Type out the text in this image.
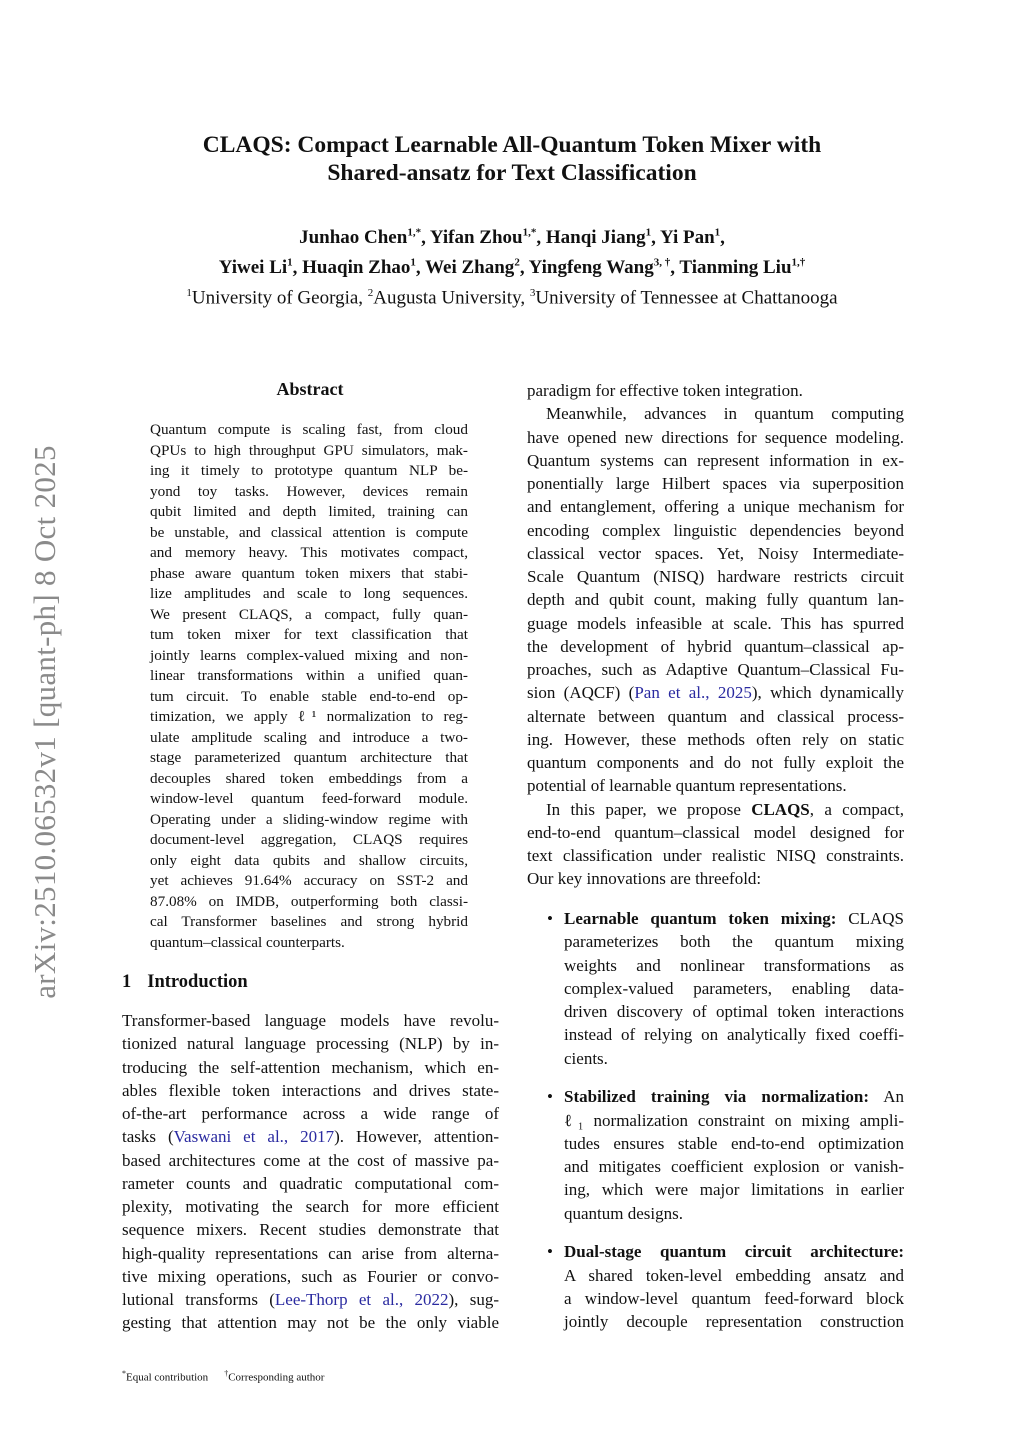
arXiv:2510.06532v1 [quant-ph] 8 Oct 2025
CLAQS: Compact Learnable All-Quantum Token Mixer with
Shared-ansatz for Text Classification
Junhao Chen$^{1,*}$, Yifan Zhou$^{1,*}$, Hanqi Jiang$^1$, Yi Pan$^1$,
Yiwei Li$^1$, Huaqin Zhao$^1$, Wei Zhang$^2$, Yingfeng Wang$^{3, \dagger}$, Tianming Liu$^{1,\dagger}$
$^1$University of Georgia, $^2$Augusta University, $^3$University of Tennessee at Chattanooga
Abstract
Quantum compute is scaling fast, from cloud
QPUs to high throughput GPU simulators, mak-
ing it timely to prototype quantum NLP be-
yond toy tasks. However, devices remain
qubit limited and depth limited, training can
be unstable, and classical attention is compute
and memory heavy. This motivates compact,
phase aware quantum token mixers that stabi-
lize amplitudes and scale to long sequences.
We present CLAQS, a compact, fully quan-
tum token mixer for text classification that
jointly learns complex-valued mixing and non-
linear transformations within a unified quan-
tum circuit. To enable stable end-to-end op-
timization, we apply ℓ¹ normalization to reg-
ulate amplitude scaling and introduce a two-
stage parameterized quantum architecture that
decouples shared token embeddings from a
window-level quantum feed-forward module.
Operating under a sliding-window regime with
document-level aggregation, CLAQS requires
only eight data qubits and shallow circuits,
yet achieves 91.64% accuracy on SST-2 and
87.08% on IMDB, outperforming both classi-
cal Transformer baselines and strong hybrid
quantum–classical counterparts.
1 Introduction
Transformer-based language models have revolu-
tionized natural language processing (NLP) by in-
troducing the self-attention mechanism, which en-
ables flexible token interactions and drives state-
of-the-art performance across a wide range of
tasks (Vaswani et al., 2017). However, attention-
based architectures come at the cost of massive pa-
rameter counts and quadratic computational com-
plexity, motivating the search for more efficient
sequence mixers. Recent studies demonstrate that
high-quality representations can arise from alterna-
tive mixing operations, such as Fourier or convo-
lutional transforms (Lee-Thorp et al., 2022), sug-
gesting that attention may not be the only viable
paradigm for effective token integration.
Meanwhile, advances in quantum computing
have opened new directions for sequence modeling.
Quantum systems can represent information in ex-
ponentially large Hilbert spaces via superposition
and entanglement, offering a unique mechanism for
encoding complex linguistic dependencies beyond
classical vector spaces. Yet, Noisy Intermediate-
Scale Quantum (NISQ) hardware restricts circuit
depth and qubit count, making fully quantum lan-
guage models infeasible at scale. This has spurred
the development of hybrid quantum–classical ap-
proaches, such as Adaptive Quantum–Classical Fu-
sion (AQCF) (Pan et al., 2025), which dynamically
alternate between quantum and classical process-
ing. However, these methods often rely on static
quantum components and do not fully exploit the
potential of learnable quantum representations.
In this paper, we propose CLAQS, a compact,
end-to-end quantum–classical model designed for
text classification under realistic NISQ constraints.
Our key innovations are threefold:
• Learnable quantum token mixing: CLAQS
parameterizes both the quantum mixing
weights and nonlinear transformations as
complex-valued parameters, enabling data-
driven discovery of optimal token interactions
instead of relying on analytically fixed coeffi-
cients.
• Stabilized training via normalization: An
ℓ₁ normalization constraint on mixing ampli-
tudes ensures stable end-to-end optimization
and mitigates coefficient explosion or vanish-
ing, which were major limitations in earlier
quantum designs.
• Dual-stage quantum circuit architecture:
A shared token-level embedding ansatz and
a window-level quantum feed-forward block
jointly decouple representation construction
*Equal contribution †Corresponding author
